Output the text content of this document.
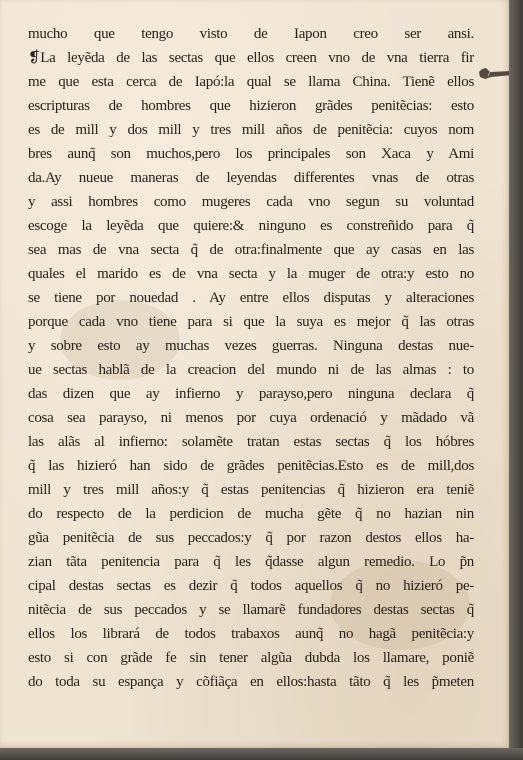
mucho que tengo visto de Iapon creo ser ansi.
❡La leyẽda de las sectas que ellos creen vno de vna tierra fir
me que esta cerca de Iapó:la qual se llama China. Tienẽ ellos
escripturas de hombres que hizieron grãdes penitẽcias: esto
es de mill y dos mill y tres mill años de penitẽcia: cuyos nom
bres aunq̃ son muchos,pero los principales son Xaca y Ami
da.Ay nueue maneras de leyendas differentes vnas de otras
y assi hombres como mugeres cada vno segun su voluntad
escoge la leyẽda que quiere:& ninguno es constreñido para q̃
sea mas de vna secta q̃ de otra:finalmente que ay casas en las
quales el marido es de vna secta y la muger de otra:y esto no
se tiene por nouedad . Ay entre ellos disputas y alteraciones
porque cada vno tiene para si que la suya es mejor q̃ las otras
y sobre esto ay muchas vezes guerras. Ninguna destas nue-
ue sectas hablã de la creacion del mundo ni de las almas : to
das dizen que ay infierno y parayso,pero ninguna declara q̃
cosa sea parayso, ni menos por cuya ordenació y mãdado vã
las alãs al infierno: solamẽte tratan estas sectas q̃ los hóbres
q̃ las hizieró han sido de grãdes penitẽcias.Esto es de mill,dos
mill y tres mill años:y q̃ estas penitencias q̃ hizieron era teniẽ
do respecto de la perdicion de mucha gẽte q̃ no hazian nin
gũa penitẽcia de sus peccados:y q̃ por razon destos ellos ha-
zian tãta penitencia para q̃ les q̃dasse algun remedio. Lo p̃n
cipal destas sectas es dezir q̃ todos aquellos q̃ no hizieró pe-
nitẽcia de sus peccados y se llamarẽ fundadores destas sectas q̃
ellos los librará de todos trabaxos aunq̃ no hagã penitẽcia:y
esto si con grãde fe sin tener algũa dubda los llamare, poniẽ
do toda su espança y cõfiãça en ellos:hasta tãto q̃ les p̃meten
